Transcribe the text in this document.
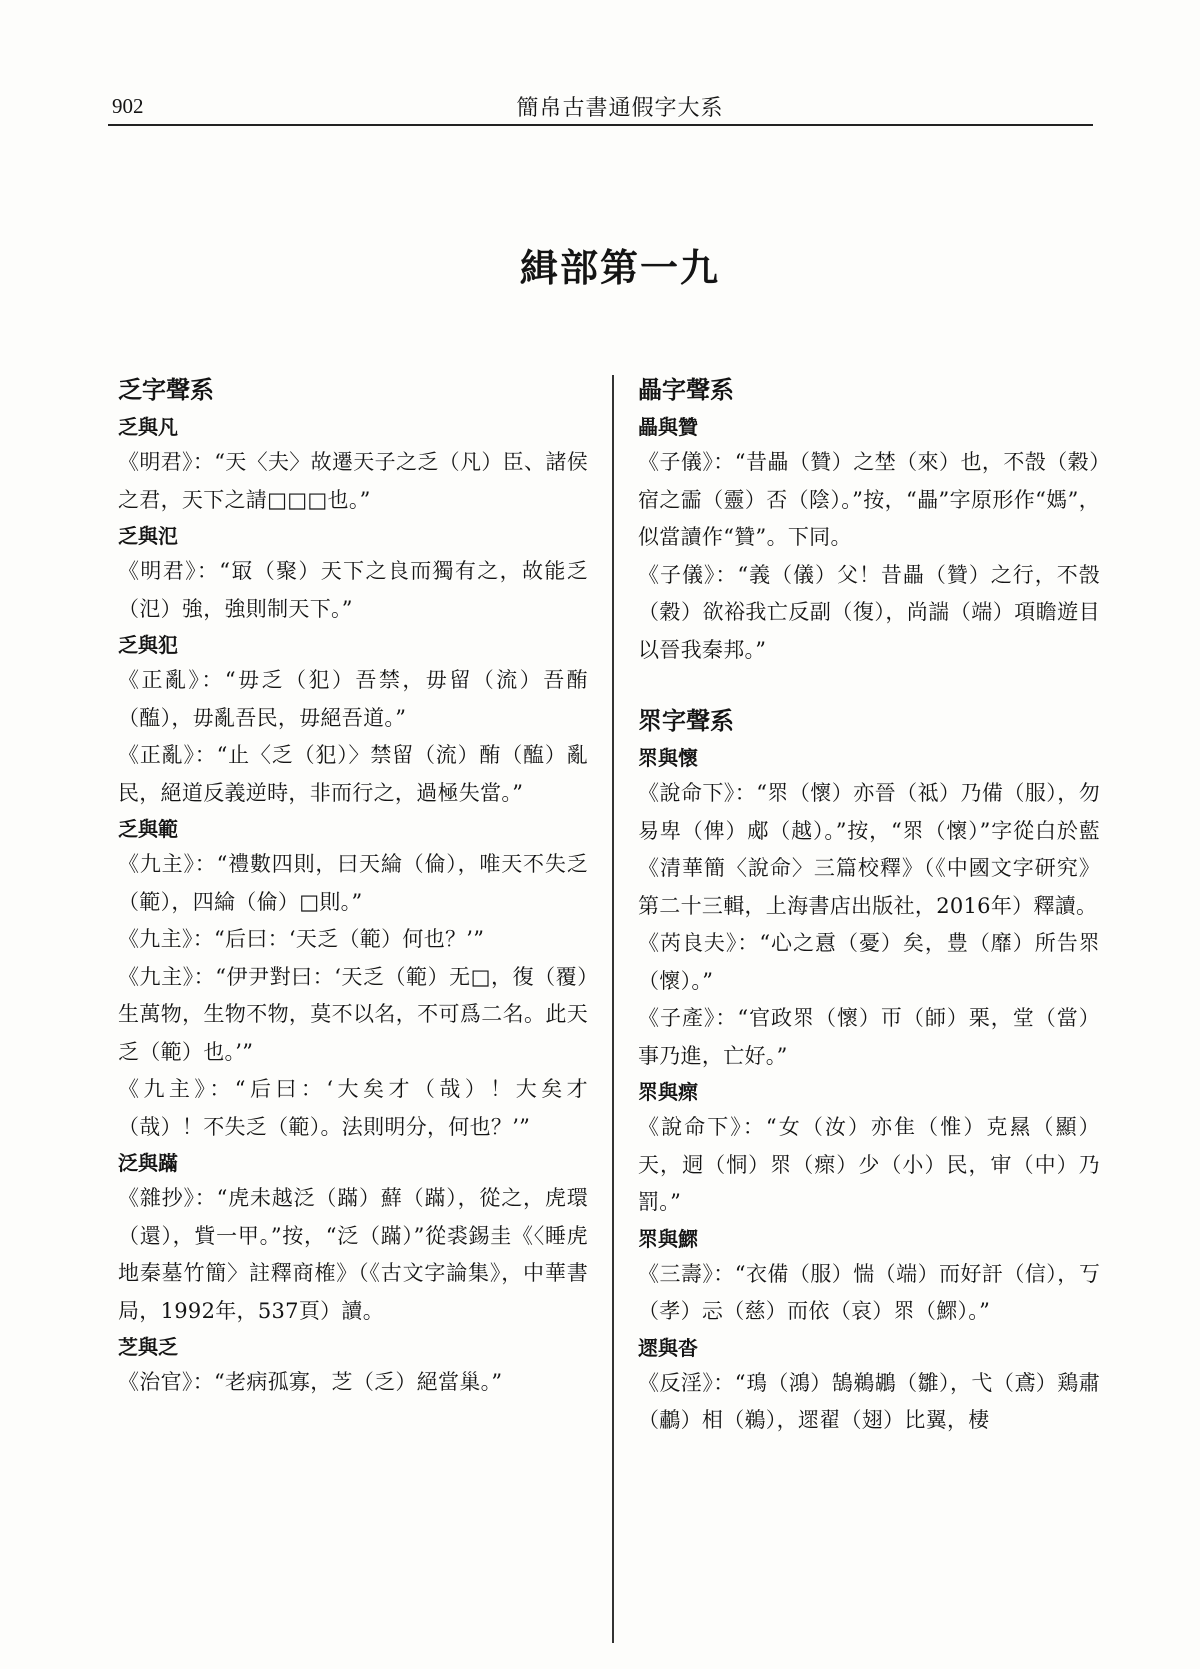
902	簡帛古書通假字大系
緝部第一九
乏字聲系
乏與凡
《明君》：“天〈夫〉故遷天子之乏（凡）臣、諸侯之君，天下之請□□□也。”
乏與氾
《明君》：“冣（聚）天下之良而獨有之，故能乏（氾）強，強則制天下。”
乏與犯
《正亂》：“毋乏（犯）吾禁，毋留（流）吾酭（醢），毋亂吾民，毋絕吾道。”
《正亂》：“止〈乏（犯）〉禁留（流）酭（醢）亂民，絕道反義逆時，非而行之，過極失當。”
乏與範
《九主》：“禮數四則，曰天綸（倫），唯天不失乏（範），四綸（倫）□則。”
《九主》：“后曰：‘天乏（範）何也？’”
《九主》：“伊尹對曰：‘天乏（範）无□，復（覆）生萬物，生物不物，莫不以名，不可爲二名。此天乏（範）也。’”
《九主》：“后曰：‘大矣才（哉）！大矣才（哉）！不失乏（範）。法則明分，何也？’”
泛與蹣
《雜抄》：“虎未越泛（蹣）蘚（蹣），從之，虎環（還），貲一甲。”按，“泛（蹣）”從裘錫圭《〈睡虎地秦墓竹簡〉註釋商榷》（《古文字論集》，中華書局，1992年，537頁）讀。
芝與乏
《治官》：“老病孤寡，芝（乏）絕當巢。”
畾字聲系
畾與贊
《子儀》：“昔畾（贊）之埜（來）也，不嗀（穀）宿之霝（靈）否（陰）。”按，“畾”字原形作“媽”，似當讀作“贊”。下同。
《子儀》：“義（儀）父！昔畾（贊）之行，不嗀（穀）欲裕我亡反副（復），尚諯（端）項瞻遊目以晉我秦邦。”
眔字聲系
眔與懷
《說命下》：“眔（懷）亦晉（祗）乃備（服），勿易卑（俾）郕（越）。”按，“眔（懷）”字從白於藍《清華簡〈說命〉三篇校釋》（《中國文字研究》第二十三輯，上海書店出版社，2016年）釋讀。
《芮良夫》：“心之慐（憂）矣，豊（靡）所告眔（懷）。”
《子產》：“官政眔（懷）帀（師）栗，堂（當）事乃進，亡好。”
眔與瘝
《說命下》：“女（汝）亦隹（惟）克㬎（顯）天，迵（恫）眔（瘝）少（小）民，审（中）乃罰。”
眔與鰥
《三壽》：“衣備（服）惴（端）而好訐（信），丂（孝）忈（慈）而依（哀）眔（鰥）。”
遝與沓
《反淫》：“鳿（鴻）鵠鵜鶘（雛），弋（鳶）鶏肅（鷫）相（鵜），遝翟（翅）比翼，棲
